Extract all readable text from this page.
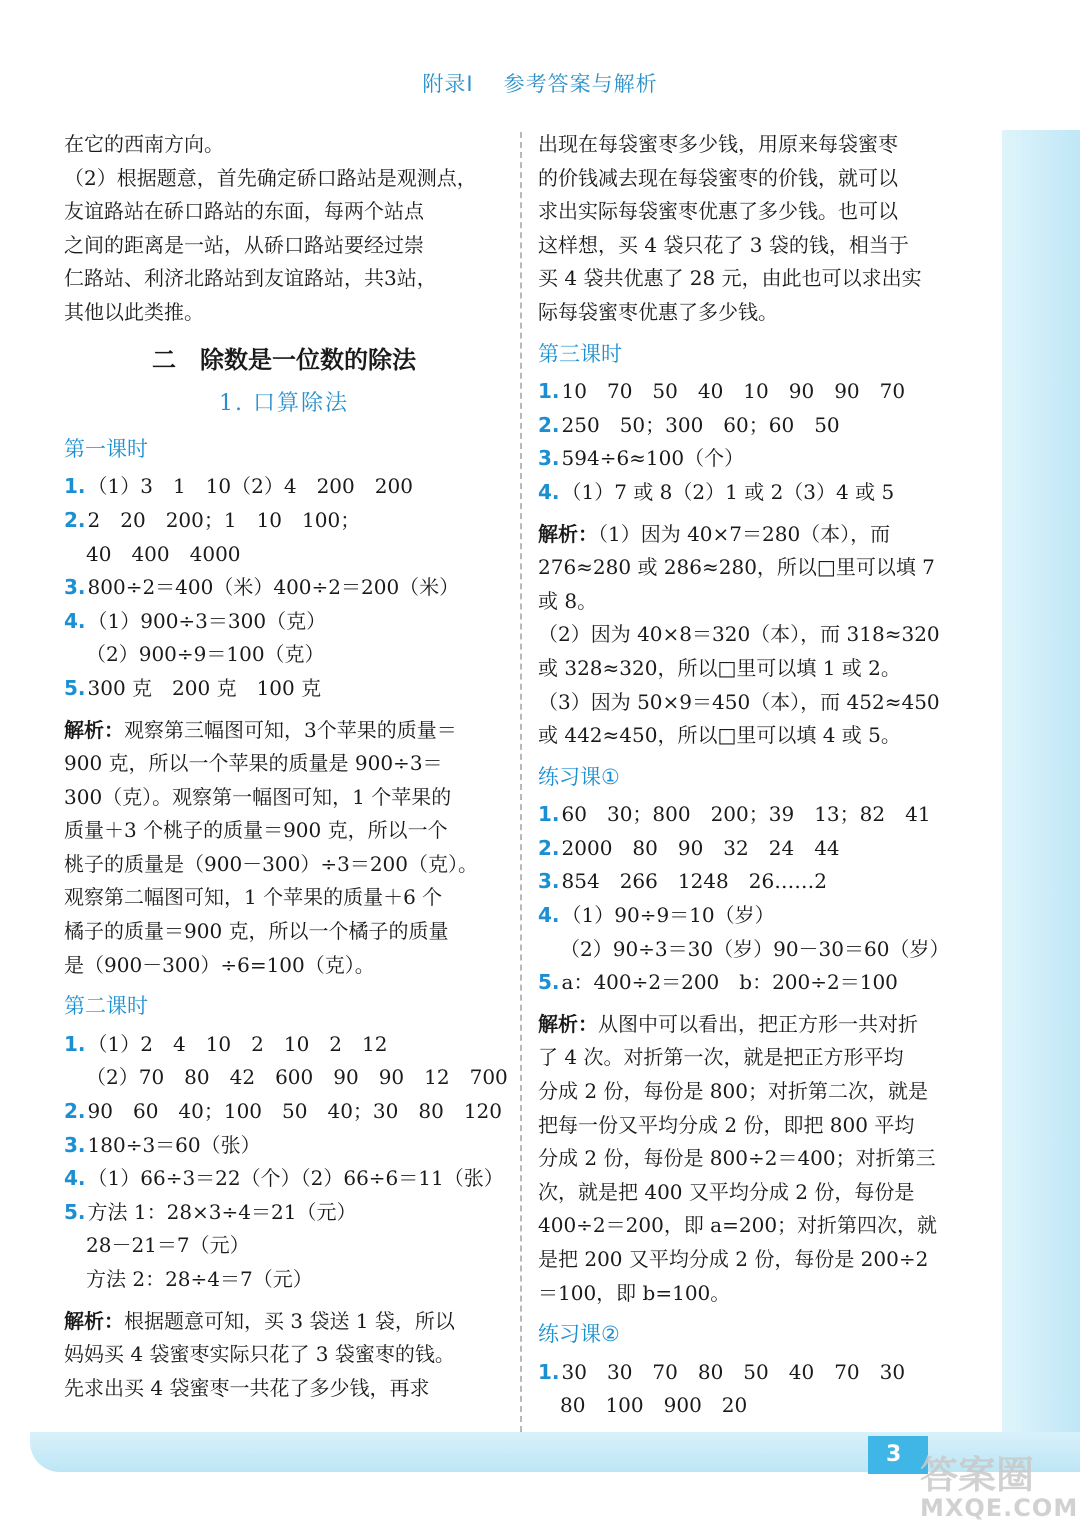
3 答案圈
MXQE.COM
附录Ⅰ 参考答案与解析
在它的西南方向。
（2）根据题意，首先确定硚口路站是观测点，
友谊路站在硚口路站的东面，每两个站点
之间的距离是一站，从硚口路站要经过崇
仁路站、利济北路站到友谊路站，共3站，
其他以此类推。
二　除数是一位数的除法
1. 口算除法
第一课时
1. （1）3　1　10（2）4　200　200
2. 2　20　200；1　10　100；
40　400　4000
3. 800÷2＝400（米）400÷2＝200（米）
4. （1）900÷3＝300（克）
（2）900÷9＝100（克）
5. 300 克　200 克　100 克
解析：观察第三幅图可知，3个苹果的质量＝
900 克，所以一个苹果的质量是 900÷3＝
300（克）。观察第一幅图可知，1 个苹果的
质量＋3 个桃子的质量＝900 克，所以一个
桃子的质量是（900－300）÷3＝200（克）。
观察第二幅图可知，1 个苹果的质量＋6 个
橘子的质量＝900 克，所以一个橘子的质量
是（900－300）÷6=100（克）。
第二课时
1. （1）2　4　10　2　10　2　12
（2）70　80　42　600　90　90　12　700
2. 90　60　40；100　50　40；30　80　120
3. 180÷3＝60（张）
4. （1）66÷3＝22（个）（2）66÷6＝11（张）
5. 方法 1：28×3÷4＝21（元）
28－21＝7（元）
方法 2：28÷4＝7（元）
解析：根据题意可知，买 3 袋送 1 袋，所以
妈妈买 4 袋蜜枣实际只花了 3 袋蜜枣的钱。
先求出买 4 袋蜜枣一共花了多少钱，再求
出现在每袋蜜枣多少钱，用原来每袋蜜枣
的价钱减去现在每袋蜜枣的价钱，就可以
求出实际每袋蜜枣优惠了多少钱。也可以
这样想，买 4 袋只花了 3 袋的钱，相当于
买 4 袋共优惠了 28 元，由此也可以求出实
际每袋蜜枣优惠了多少钱。
第三课时
1. 10　70　50　40　10　90　90　70
2. 250　50；300　60；60　50
3. 594÷6≈100（个）
4. （1）7 或 8（2）1 或 2（3）4 或 5
解析：（1）因为 40×7＝280（本），而
276≈280 或 286≈280，所以□里可以填 7
或 8。
（2）因为 40×8＝320（本），而 318≈320
或 328≈320，所以□里可以填 1 或 2。
（3）因为 50×9＝450（本），而 452≈450
或 442≈450，所以□里可以填 4 或 5。
练习课①
1. 60　30；800　200；39　13；82　41
2. 2000　80　90　32　24　44
3. 854　266　1248　26……2
4. （1）90÷9＝10（岁）
（2）90÷3＝30（岁）90－30＝60（岁）
5. a：400÷2＝200　b：200÷2＝100
解析：从图中可以看出，把正方形一共对折
了 4 次。对折第一次，就是把正方形平均
分成 2 份，每份是 800；对折第二次，就是
把每一份又平均分成 2 份，即把 800 平均
分成 2 份，每份是 800÷2＝400；对折第三
次，就是把 400 又平均分成 2 份，每份是
400÷2＝200，即 a=200；对折第四次，就
是把 200 又平均分成 2 份，每份是 200÷2
＝100，即 b=100。
练习课②
1. 30　30　70　80　50　40　70　30
80　100　900　20
